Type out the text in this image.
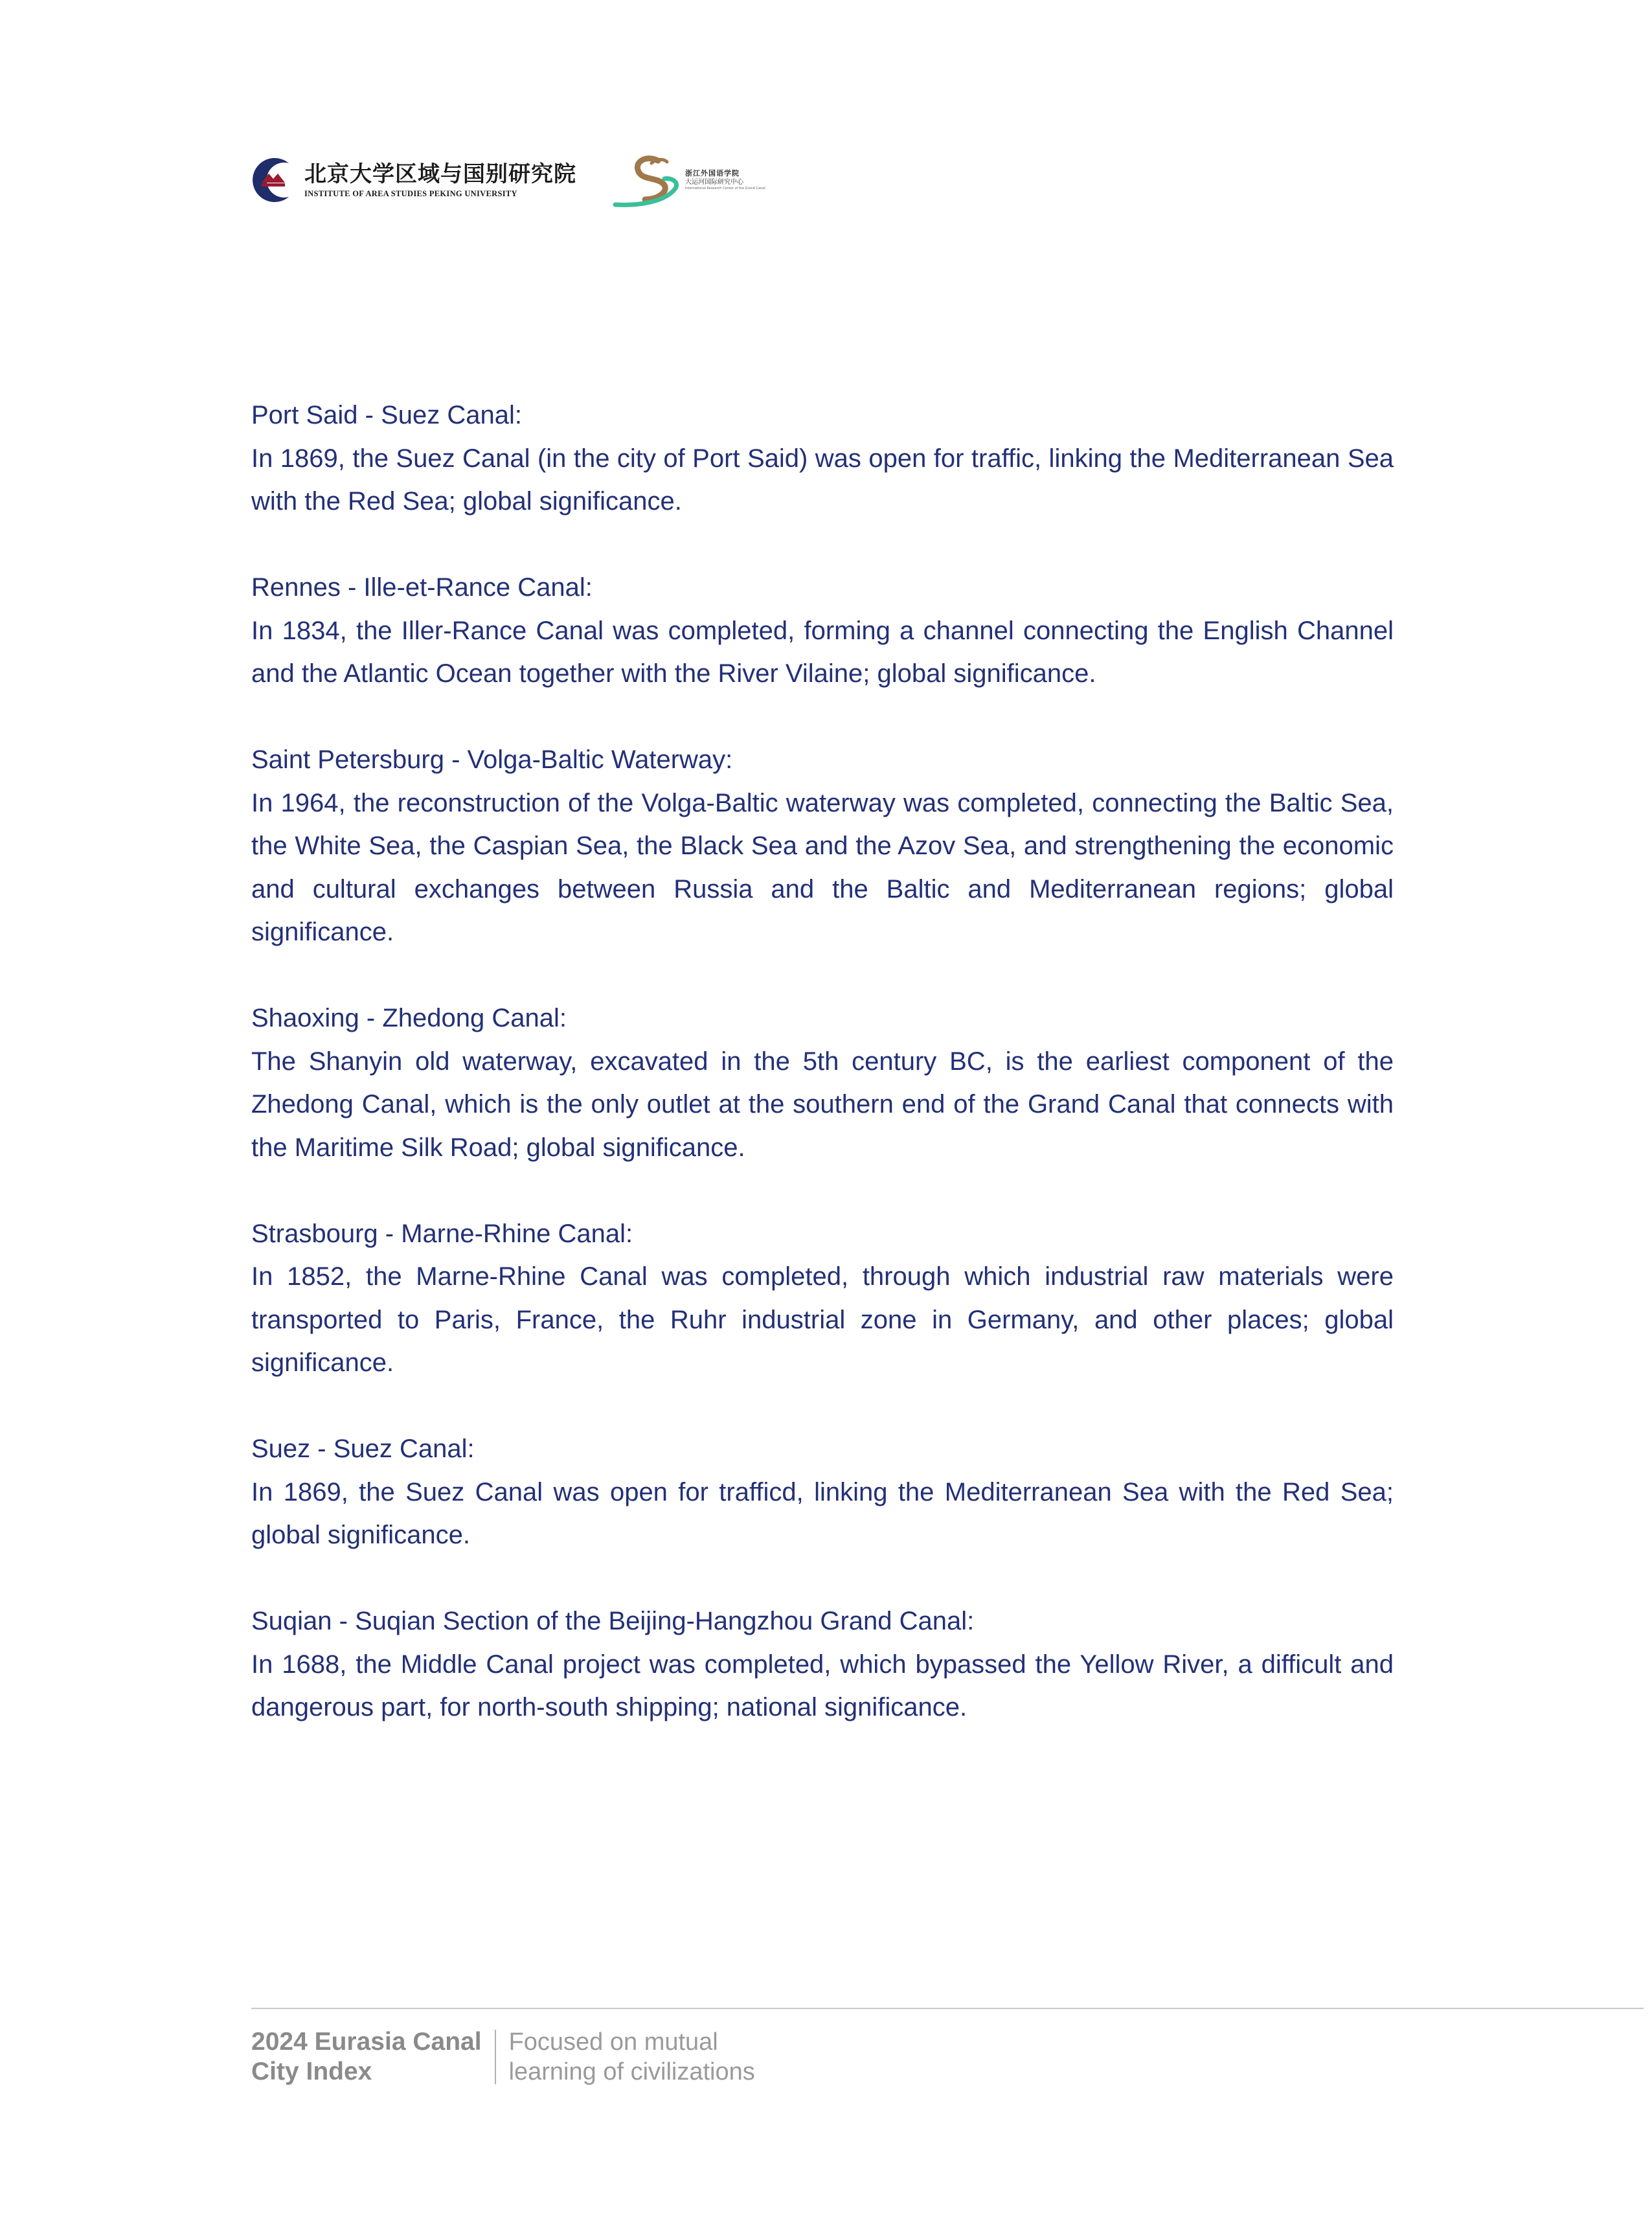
北京大学区域与国别研究院
INSTITUTE OF AREA STUDIES PEKING UNIVERSITY
浙江外国语学院
大运河国际研究中心
International Research Center of the Grand Canal
Port Said - Suez Canal:
In 1869, the Suez Canal (in the city of Port Said) was open for traffic, linking the Mediterranean Sea with the Red Sea; global significance.
Rennes - Ille-et-Rance Canal:
In 1834, the Iller-Rance Canal was completed, forming a channel connecting the English Channel and the Atlantic Ocean together with the River Vilaine; global significance.
Saint Petersburg - Volga-Baltic Waterway:
In 1964, the reconstruction of the Volga-Baltic waterway was completed, connecting the Baltic Sea, the White Sea, the Caspian Sea, the Black Sea and the Azov Sea, and strengthening the economic and cultural exchanges between Russia and the Baltic and Mediterranean regions; global significance.
Shaoxing - Zhedong Canal:
The Shanyin old waterway, excavated in the 5th century BC, is the earliest component of the Zhedong Canal, which is the only outlet at the southern end of the Grand Canal that connects with the Maritime Silk Road; global significance.
Strasbourg - Marne-Rhine Canal:
In 1852, the Marne-Rhine Canal was completed, through which industrial raw materials were transported to Paris, France, the Ruhr industrial zone in Germany, and other places; global significance.
Suez - Suez Canal:
In 1869, the Suez Canal was open for trafficd, linking the Mediterranean Sea with the Red Sea; global significance.
Suqian - Suqian Section of the Beijing-Hangzhou Grand Canal:
In 1688, the Middle Canal project was completed, which bypassed the Yellow River, a difficult and dangerous part, for north-south shipping; national significance.
2024 Eurasia Canal
City Index
Focused on mutual
learning of civilizations
